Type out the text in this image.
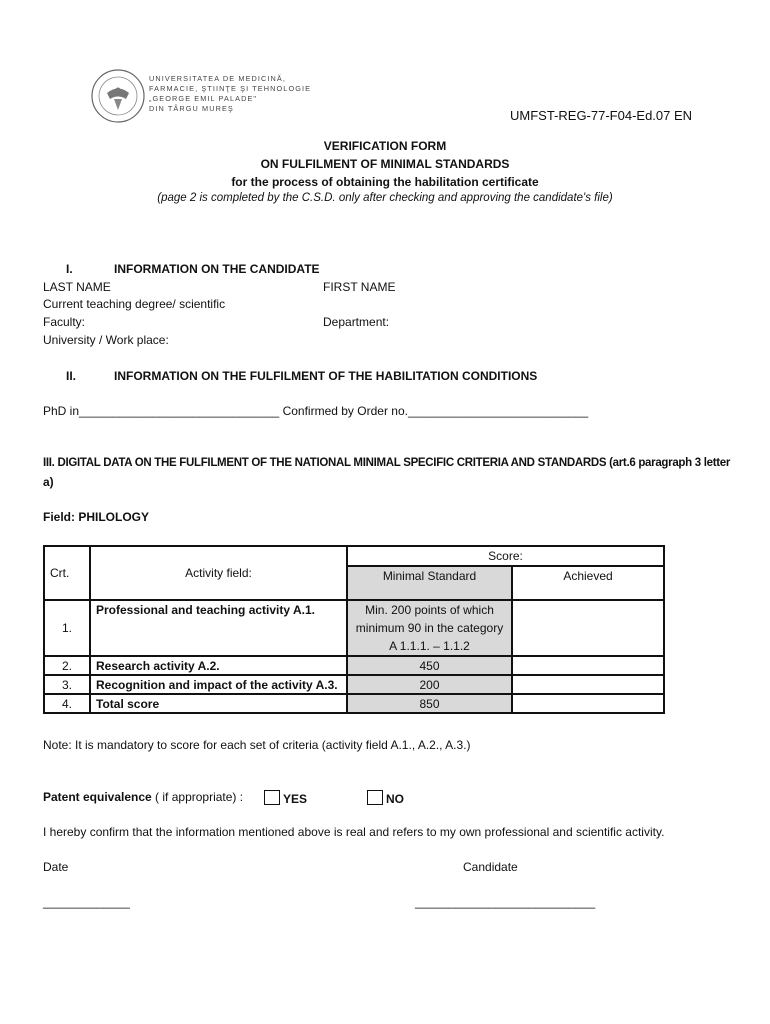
UNIVERSITATEA DE MEDICINĂ,
FARMACIE, ŞTIINŢE ŞI TEHNOLOGIE
„GEORGE EMIL PALADE"
DIN TÂRGU MUREŞ	UMFST-REG-77-F04-Ed.07 EN
VERIFICATION FORM
ON FULFILMENT OF MINIMAL STANDARDS
for the process of obtaining the habilitation certificate
(page 2 is completed by the C.S.D. only after checking and approving the candidate's file)
I.	INFORMATION ON THE CANDIDATE
LAST NAME	FIRST NAME
Current teaching degree/ scientific
Faculty:	Department:
University / Work place:
II.	INFORMATION ON THE FULFILMENT OF THE HABILITATION CONDITIONS
PhD in______________________________ Confirmed by Order no.___________________________
III. DIGITAL DATA ON THE FULFILMENT OF THE NATIONAL MINIMAL SPECIFIC CRITERIA AND STANDARDS (art.6 paragraph 3 letter
a)
Field: PHILOLOGY
Crt.	Activity field:	Score:	
		Minimal Standard	Achieved
1.	Professional and teaching activity A.1.	Min. 200 points of which
minimum 90 in the category
A 1.1.1. – 1.1.2	

2.	Research activity A.2.	450	
3.	Recognition and impact of the activity A.3.	200	
4.	Total score	850	
Note: It is mandatory to score for each set of criteria (activity field A.1., A.2., A.3.)
Patent equivalence ( if appropriate) :	YES	NO
I hereby confirm that the information mentioned above is real and refers to my own professional and scientific activity.
Date	Candidate
_____________	___________________________
